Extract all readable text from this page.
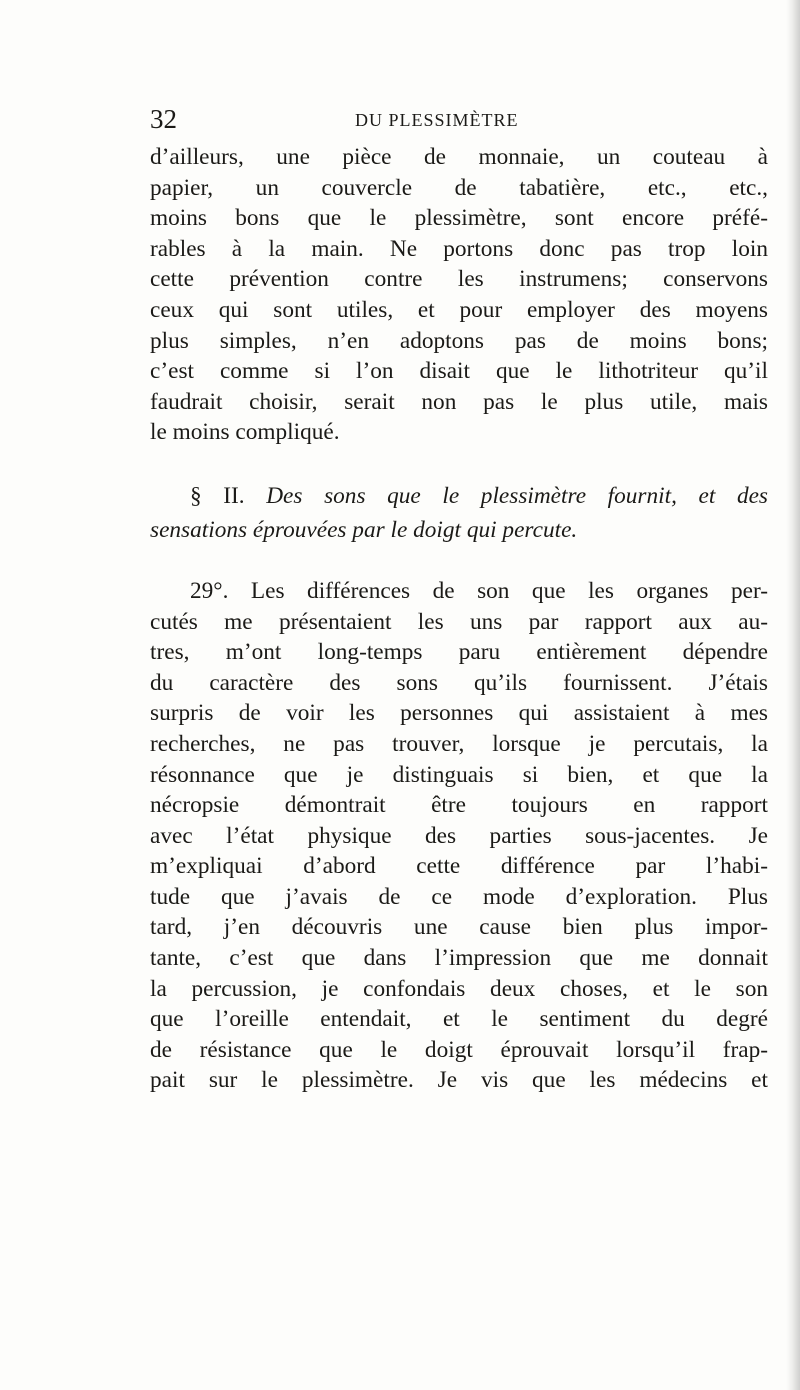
32	DU PLESSIMÈTRE
d’ailleurs, une pièce de monnaie, un couteau à
papier, un couvercle de tabatière, etc., etc.,
moins bons que le plessimètre, sont encore préfé-
rables à la main. Ne portons donc pas trop loin
cette prévention contre les instrumens; conservons
ceux qui sont utiles, et pour employer des moyens
plus simples, n’en adoptons pas de moins bons;
c’est comme si l’on disait que le lithotriteur qu’il
faudrait choisir, serait non pas le plus utile, mais
le moins compliqué.
§ II. Des sons que le plessimètre fournit, et des
sensations éprouvées par le doigt qui percute.
29°. Les différences de son que les organes per-
cutés me présentaient les uns par rapport aux au-
tres, m’ont long-temps paru entièrement dépendre
du caractère des sons qu’ils fournissent. J’étais
surpris de voir les personnes qui assistaient à mes
recherches, ne pas trouver, lorsque je percutais, la
résonnance que je distinguais si bien, et que la
nécropsie démontrait être toujours en rapport
avec l’état physique des parties sous-jacentes. Je
m’expliquai d’abord cette différence par l’habi-
tude que j’avais de ce mode d’exploration. Plus
tard, j’en découvris une cause bien plus impor-
tante, c’est que dans l’impression que me donnait
la percussion, je confondais deux choses, et le son
que l’oreille entendait, et le sentiment du degré
de résistance que le doigt éprouvait lorsqu’il frap-
pait sur le plessimètre. Je vis que les médecins et
